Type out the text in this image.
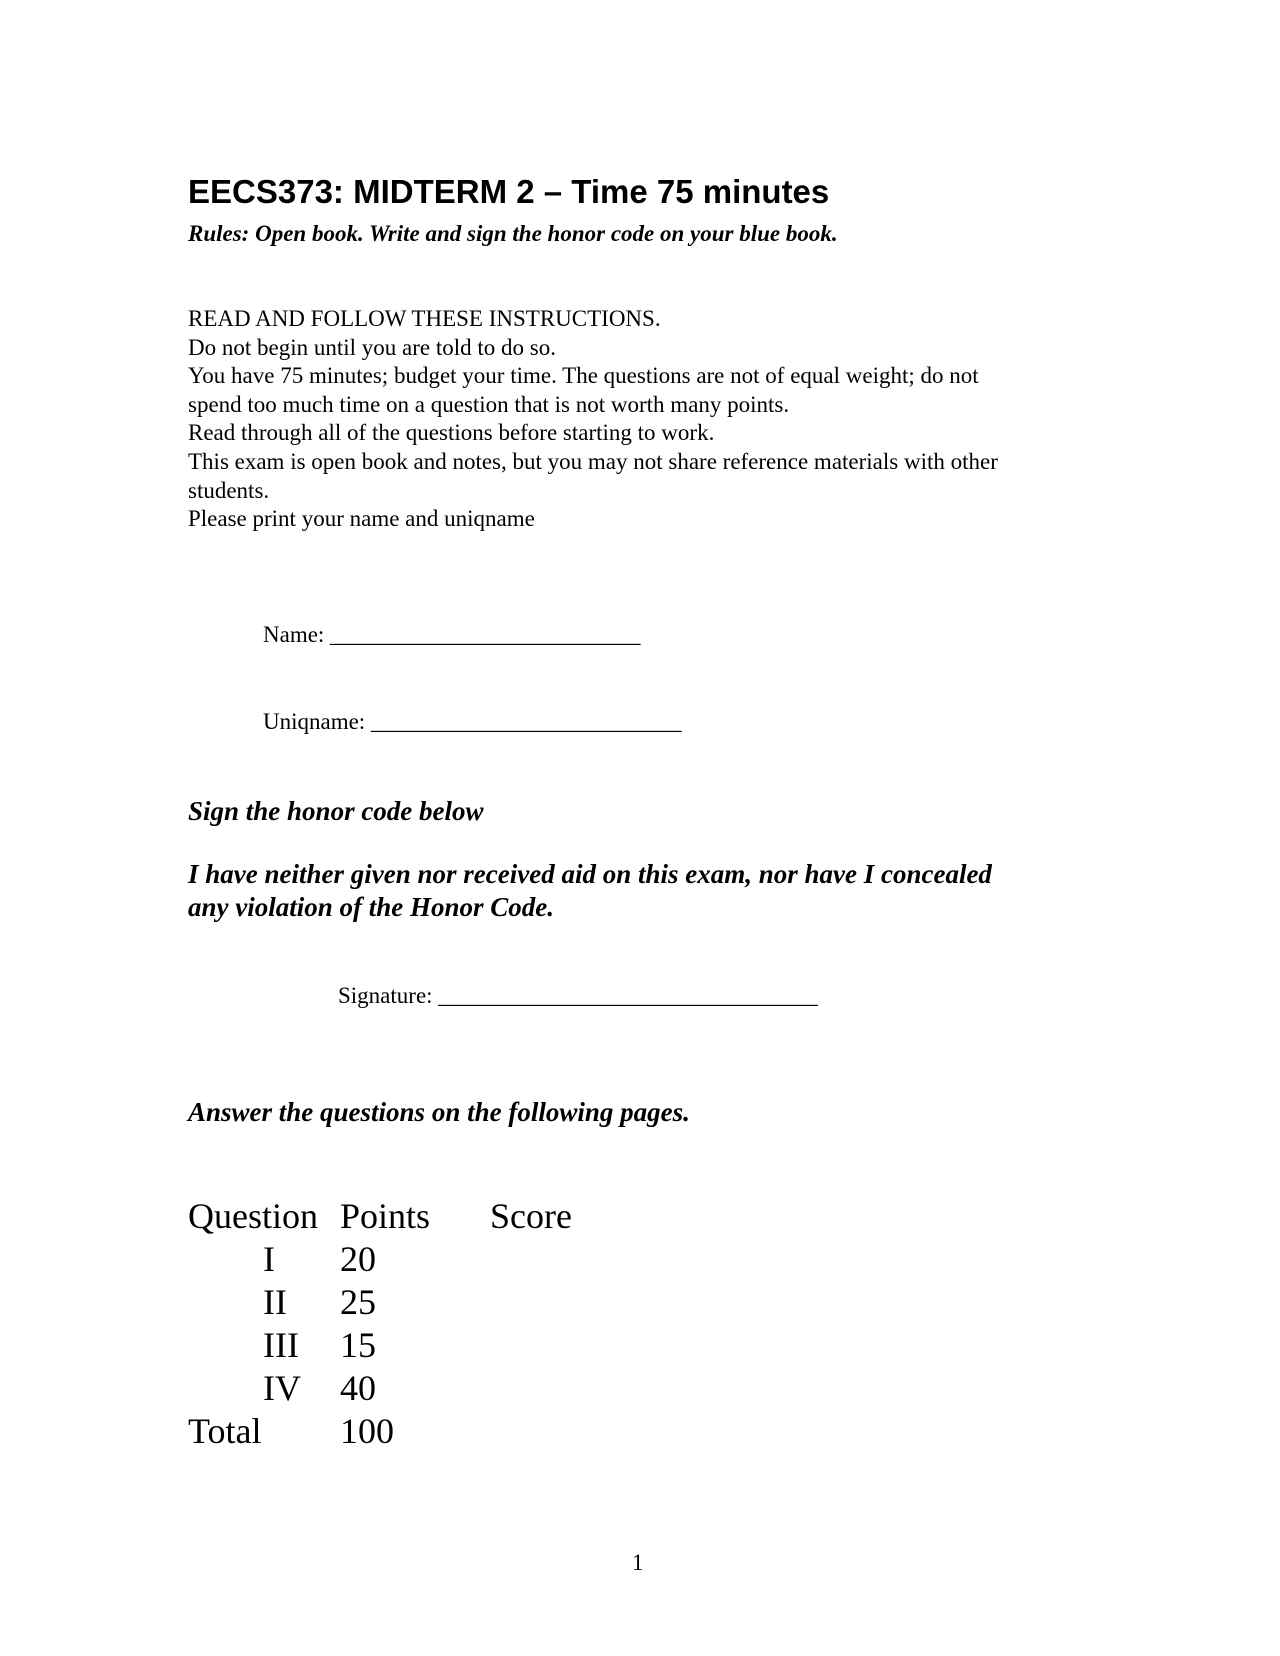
EECS373: MIDTERM 2 – Time 75 minutes

Rules: Open book. Write and sign the honor code on your blue book.

READ AND FOLLOW THESE INSTRUCTIONS.
Do not begin until you are told to do so.
You have 75 minutes; budget your time. The questions are not of equal weight; do not
spend too much time on a question that is not worth many points.
Read through all of the questions before starting to work.
This exam is open book and notes, but you may not share reference materials with other
students.
Please print your name and uniqname
Name: ___________________________
Uniqname: ___________________________
Sign the honor code below
I have neither given nor received aid on this exam, nor have I concealed
any violation of the Honor Code.
Signature: _________________________________
Answer the questions on the following pages.
Question Points Score
I 20
II 25
III 15
IV 40
Total 100
1
